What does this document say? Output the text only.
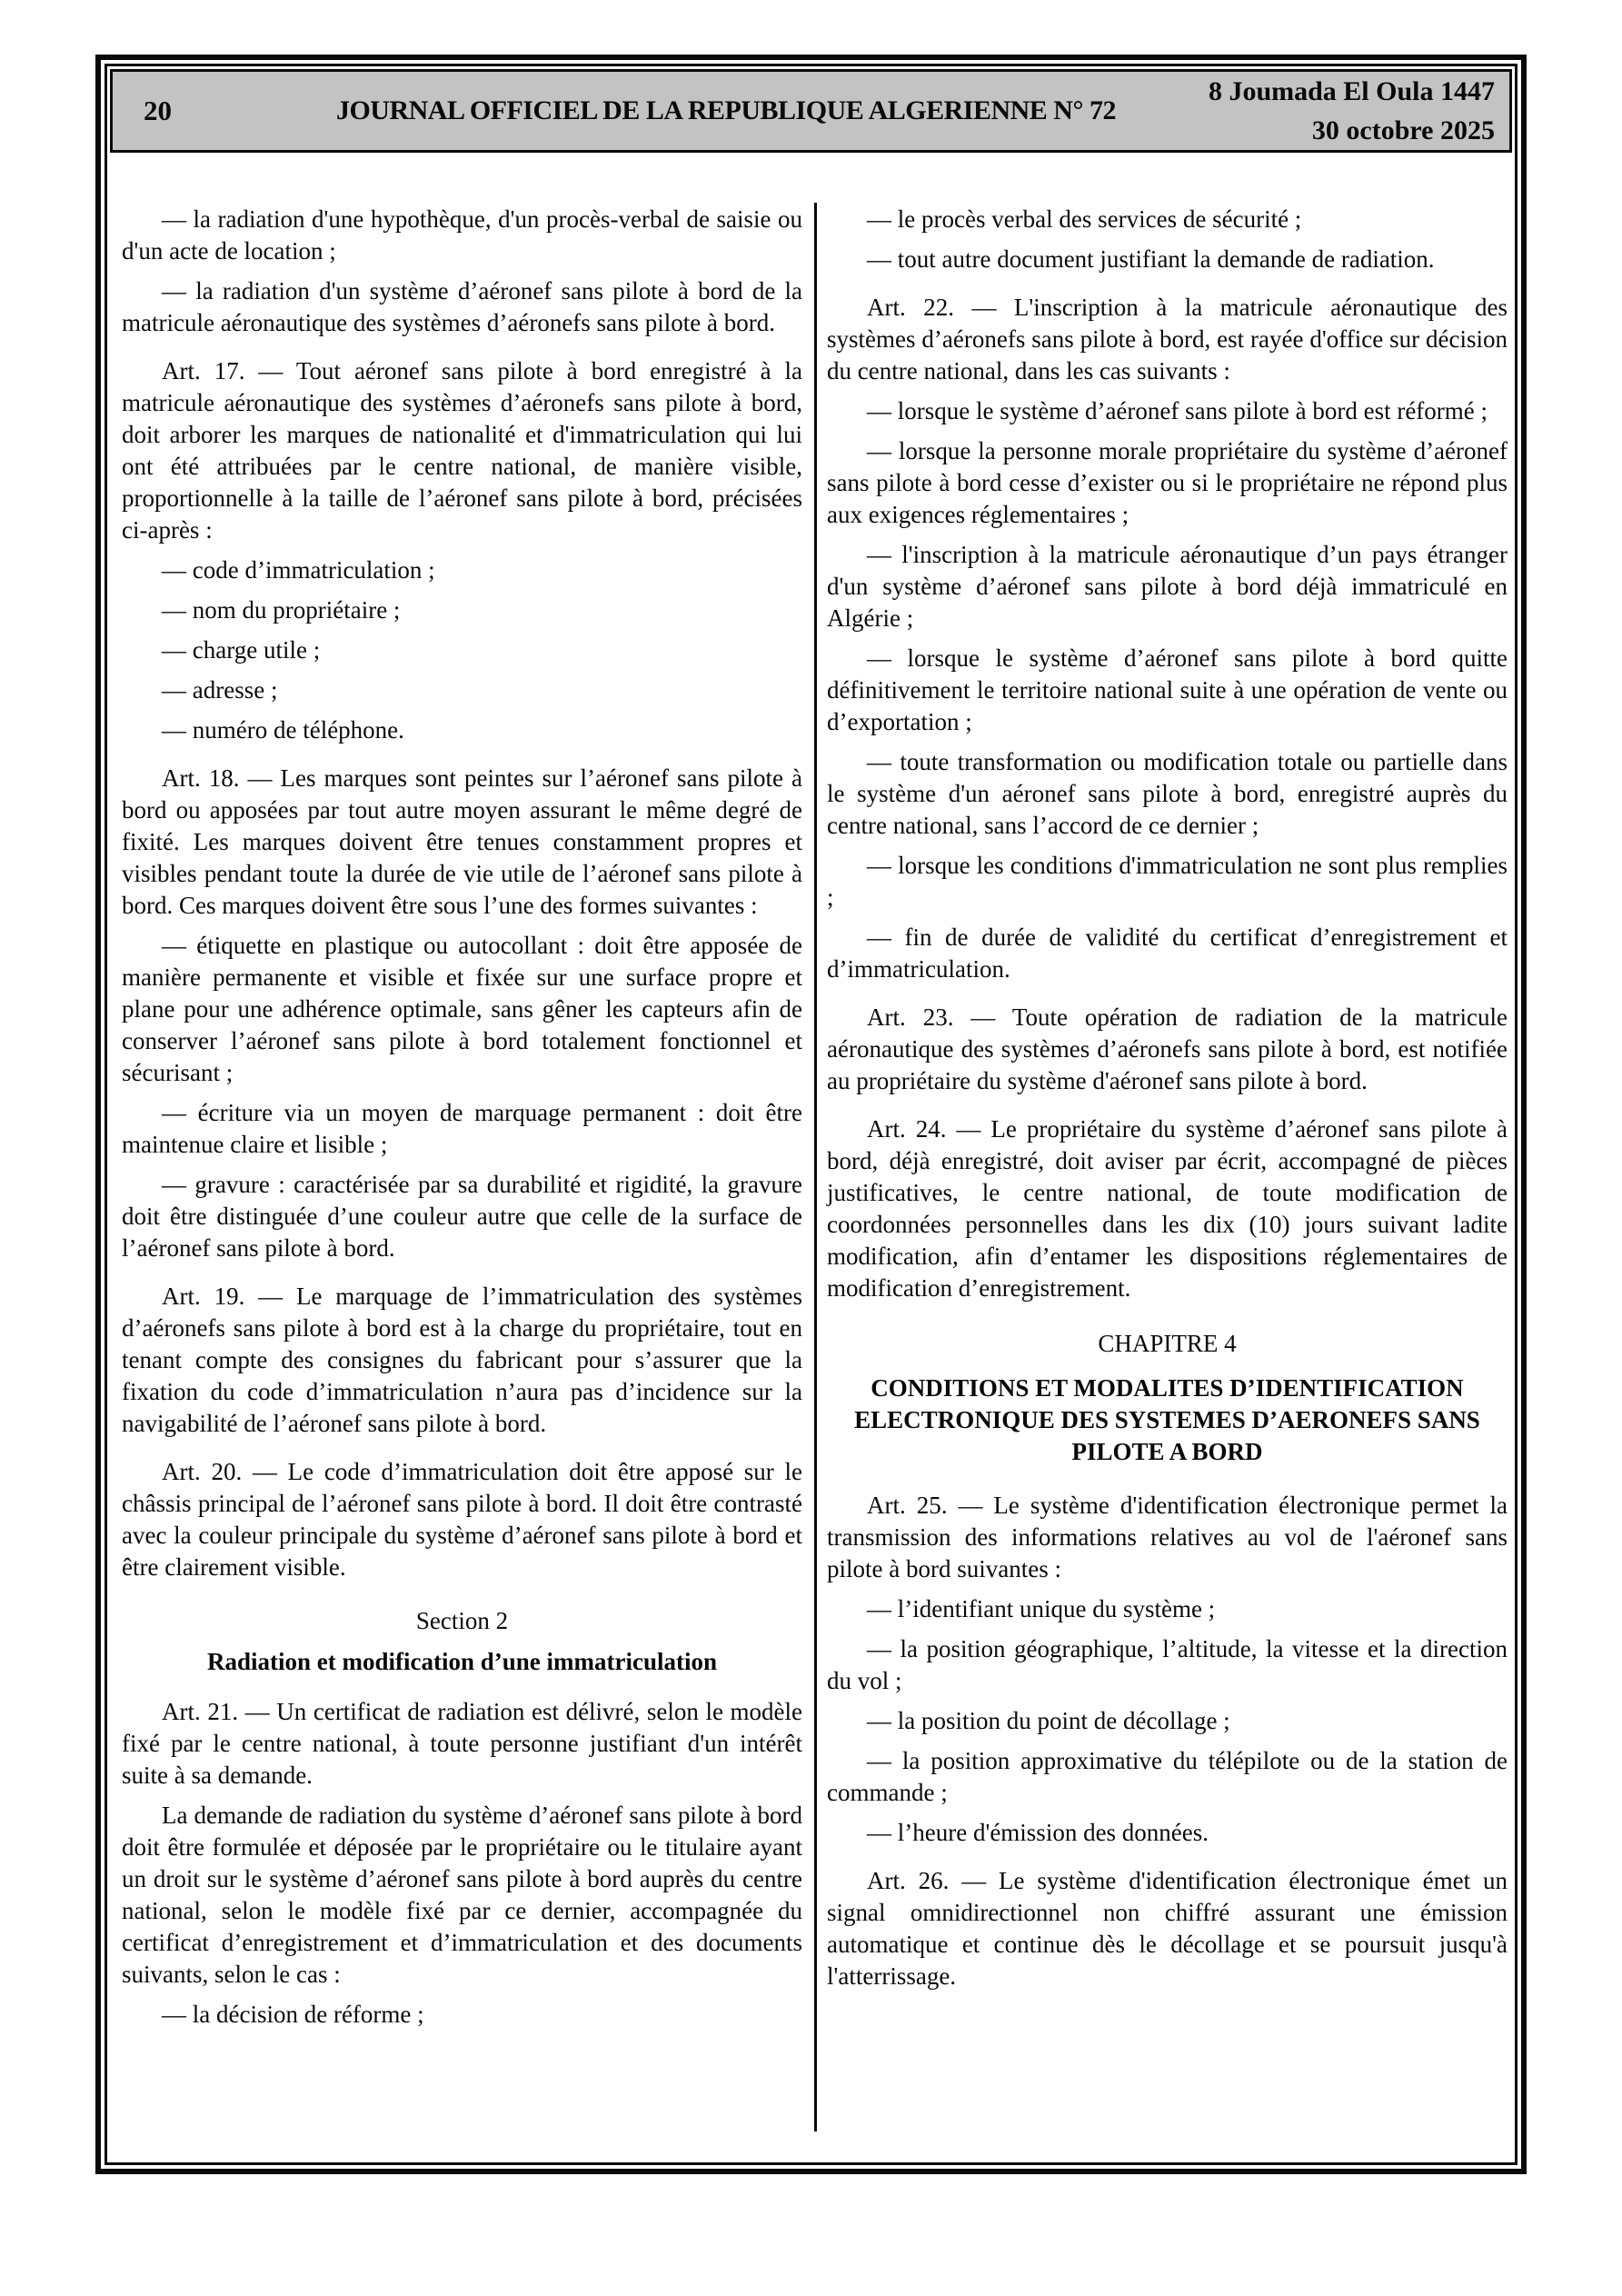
20	JOURNAL OFFICIEL DE LA REPUBLIQUE ALGERIENNE N° 72
8 Joumada El Oula 1447
30 octobre 2025

— la radiation d'une hypothèque, d'un procès-verbal de saisie ou d'un acte de location ;

— la radiation d'un système d’aéronef sans pilote à bord de la matricule aéronautique des systèmes d’aéronefs sans pilote à bord.

Art. 17. — Tout aéronef sans pilote à bord enregistré à la matricule aéronautique des systèmes d’aéronefs sans pilote à bord, doit arborer les marques de nationalité et d'immatriculation qui lui ont été attribuées par le centre national, de manière visible, proportionnelle à la taille de l’aéronef sans pilote à bord, précisées ci-après :

— code d’immatriculation ;

— nom du propriétaire ;

— charge utile ;

— adresse ;

— numéro de téléphone.

Art. 18. — Les marques sont peintes sur l’aéronef sans pilote à bord ou apposées par tout autre moyen assurant le même degré de fixité. Les marques doivent être tenues constamment propres et visibles pendant toute la durée de vie utile de l’aéronef sans pilote à bord. Ces marques doivent être sous l’une des formes suivantes :

— étiquette en plastique ou autocollant : doit être apposée de manière permanente et visible et fixée sur une surface propre et plane pour une adhérence optimale, sans gêner les capteurs afin de conserver l’aéronef sans pilote à bord totalement fonctionnel et sécurisant ;

— écriture via un moyen de marquage permanent : doit être maintenue claire et lisible ;

— gravure : caractérisée par sa durabilité et rigidité, la gravure doit être distinguée d’une couleur autre que celle de la surface de l’aéronef sans pilote à bord.

Art. 19. — Le marquage de l’immatriculation des systèmes d’aéronefs sans pilote à bord est à la charge du propriétaire, tout en tenant compte des consignes du fabricant pour s’assurer que la fixation du code d’immatriculation n’aura pas d’incidence sur la navigabilité de l’aéronef sans pilote à bord.

Art. 20. — Le code d’immatriculation doit être apposé sur le châssis principal de l’aéronef sans pilote à bord. Il doit être contrasté avec la couleur principale du système d’aéronef sans pilote à bord et être clairement visible.

Section 2

Radiation et modification d’une immatriculation

Art. 21. — Un certificat de radiation est délivré, selon le modèle fixé par le centre national, à toute personne justifiant d'un intérêt suite à sa demande.

La demande de radiation du système d’aéronef sans pilote à bord doit être formulée et déposée par le propriétaire ou le titulaire ayant un droit sur le système d’aéronef sans pilote à bord auprès du centre national, selon le modèle fixé par ce dernier, accompagnée du certificat d’enregistrement et d’immatriculation et des documents suivants, selon le cas :

— la décision de réforme ;

— le procès verbal des services de sécurité ;

— tout autre document justifiant la demande de radiation.

Art. 22. — L'inscription à la matricule aéronautique des systèmes d’aéronefs sans pilote à bord, est rayée d'office sur décision du centre national, dans les cas suivants :

— lorsque le système d’aéronef sans pilote à bord est réformé ;

— lorsque la personne morale propriétaire du système d’aéronef sans pilote à bord cesse d’exister ou si le propriétaire ne répond plus aux exigences réglementaires ;

— l'inscription à la matricule aéronautique d’un pays étranger d'un système d’aéronef sans pilote à bord déjà immatriculé en Algérie ;

— lorsque le système d’aéronef sans pilote à bord quitte définitivement le territoire national suite à une opération de vente ou d’exportation ;

— toute transformation ou modification totale ou partielle dans le système d'un aéronef sans pilote à bord, enregistré auprès du centre national, sans l’accord de ce dernier ;

— lorsque les conditions d'immatriculation ne sont plus remplies ;

— fin de durée de validité du certificat d’enregistrement et d’immatriculation.

Art. 23. — Toute opération de radiation de la matricule aéronautique des systèmes d’aéronefs sans pilote à bord, est notifiée au propriétaire du système d'aéronef sans pilote à bord.

Art. 24. — Le propriétaire du système d’aéronef sans pilote à bord, déjà enregistré, doit aviser par écrit, accompagné de pièces justificatives, le centre national, de toute modification de coordonnées personnelles dans les dix (10) jours suivant ladite modification, afin d’entamer les dispositions réglementaires de modification d’enregistrement.

CHAPITRE 4

CONDITIONS ET MODALITES D’IDENTIFICATION ELECTRONIQUE DES SYSTEMES D’AERONEFS SANS PILOTE A BORD

Art. 25. — Le système d'identification électronique permet la transmission des informations relatives au vol de l'aéronef sans pilote à bord suivantes :

— l’identifiant unique du système ;

— la position géographique, l’altitude, la vitesse et la direction du vol ;

— la position du point de décollage ;

— la position approximative du télépilote ou de la station de commande ;

— l’heure d'émission des données.

Art. 26. — Le système d'identification électronique émet un signal omnidirectionnel non chiffré assurant une émission automatique et continue dès le décollage et se poursuit jusqu'à l'atterrissage.
